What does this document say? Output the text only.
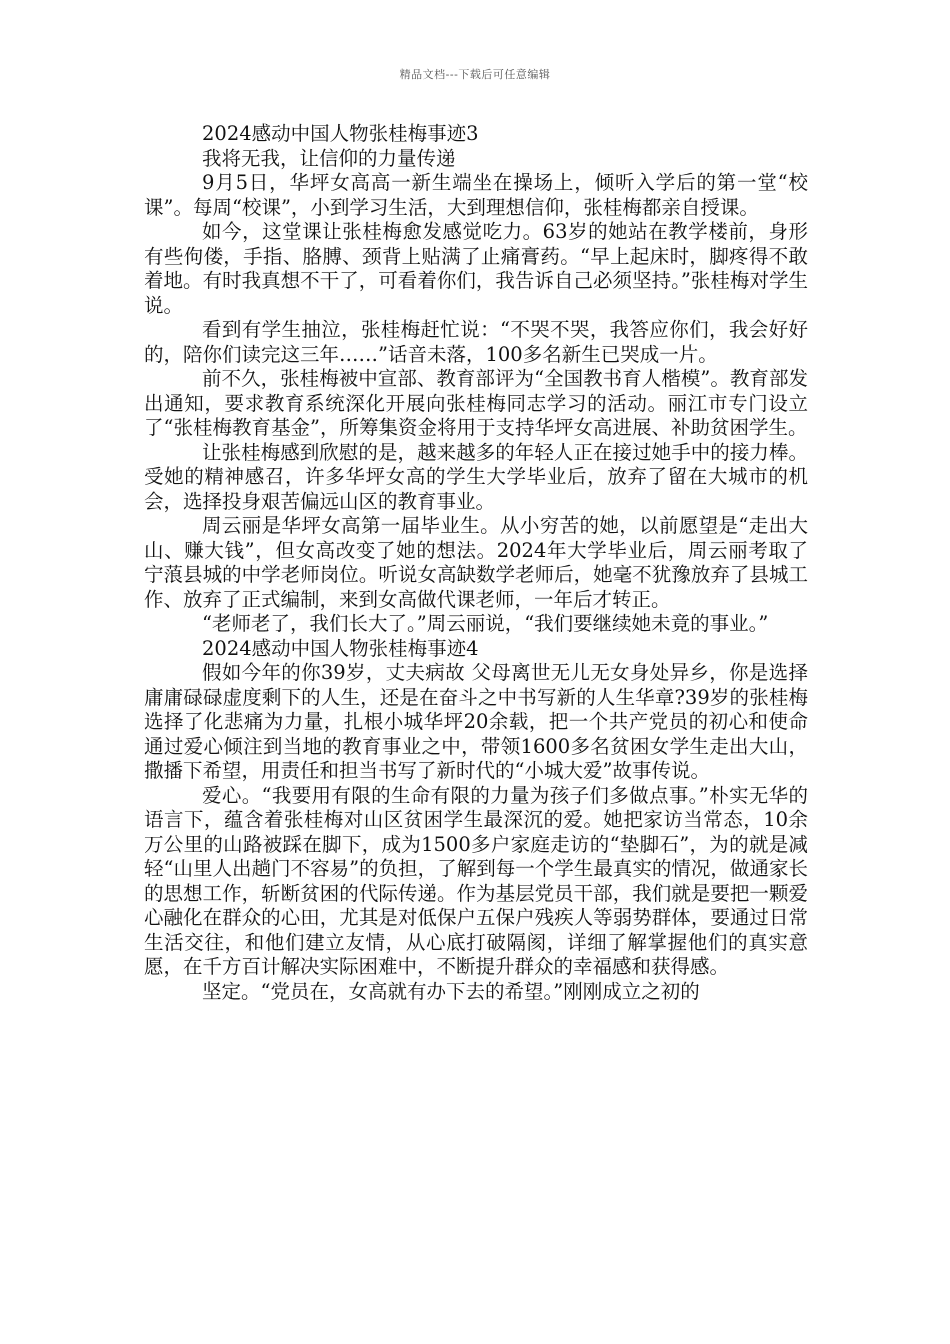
精品文档---下载后可任意编辑

2024感动中国人物张桂梅事迹3

我将无我，让信仰的力量传递

9月5日，华坪女高高一新生端坐在操场上，倾听入学后的第一堂“校课”。每周“校课”，小到学习生活，大到理想信仰，张桂梅都亲自授课。

如今，这堂课让张桂梅愈发感觉吃力。63岁的她站在教学楼前，身形有些佝偻，手指、胳膊、颈背上贴满了止痛膏药。“早上起床时，脚疼得不敢着地。有时我真想不干了，可看着你们，我告诉自己必须坚持。”张桂梅对学生说。

看到有学生抽泣，张桂梅赶忙说：“不哭不哭，我答应你们，我会好好的，陪你们读完这三年……”话音未落，100多名新生已哭成一片。

前不久，张桂梅被中宣部、教育部评为“全国教书育人楷模”。教育部发出通知，要求教育系统深化开展向张桂梅同志学习的活动。丽江市专门设立了“张桂梅教育基金”，所筹集资金将用于支持华坪女高进展、补助贫困学生。

让张桂梅感到欣慰的是，越来越多的年轻人正在接过她手中的接力棒。受她的精神感召，许多华坪女高的学生大学毕业后，放弃了留在大城市的机会，选择投身艰苦偏远山区的教育事业。

周云丽是华坪女高第一届毕业生。从小穷苦的她，以前愿望是“走出大山、赚大钱”，但女高改变了她的想法。2024年大学毕业后，周云丽考取了宁蒗县城的中学老师岗位。听说女高缺数学老师后，她毫不犹豫放弃了县城工作、放弃了正式编制，来到女高做代课老师，一年后才转正。

“老师老了，我们长大了。”周云丽说，“我们要继续她未竟的事业。”

2024感动中国人物张桂梅事迹4

假如今年的你39岁，丈夫病故 父母离世无儿无女身处异乡，你是选择庸庸碌碌虚度剩下的人生，还是在奋斗之中书写新的人生华章?39岁的张桂梅选择了化悲痛为力量，扎根小城华坪20余载，把一个共产党员的初心和使命通过爱心倾注到当地的教育事业之中，带领1600多名贫困女学生走出大山，撒播下希望，用责任和担当书写了新时代的“小城大爱”故事传说。

爱心。“我要用有限的生命有限的力量为孩子们多做点事。”朴实无华的语言下，蕴含着张桂梅对山区贫困学生最深沉的爱。她把家访当常态，10余万公里的山路被踩在脚下，成为1500多户家庭走访的“垫脚石”，为的就是减轻“山里人出趟门不容易”的负担，了解到每一个学生最真实的情况，做通家长的思想工作，斩断贫困的代际传递。作为基层党员干部，我们就是要把一颗爱心融化在群众的心田，尤其是对低保户五保户残疾人等弱势群体，要通过日常生活交往，和他们建立友情，从心底打破隔阂，详细了解掌握他们的真实意愿，在千方百计解决实际困难中，不断提升群众的幸福感和获得感。

坚定。“党员在，女高就有办下去的希望。”刚刚成立之初的
